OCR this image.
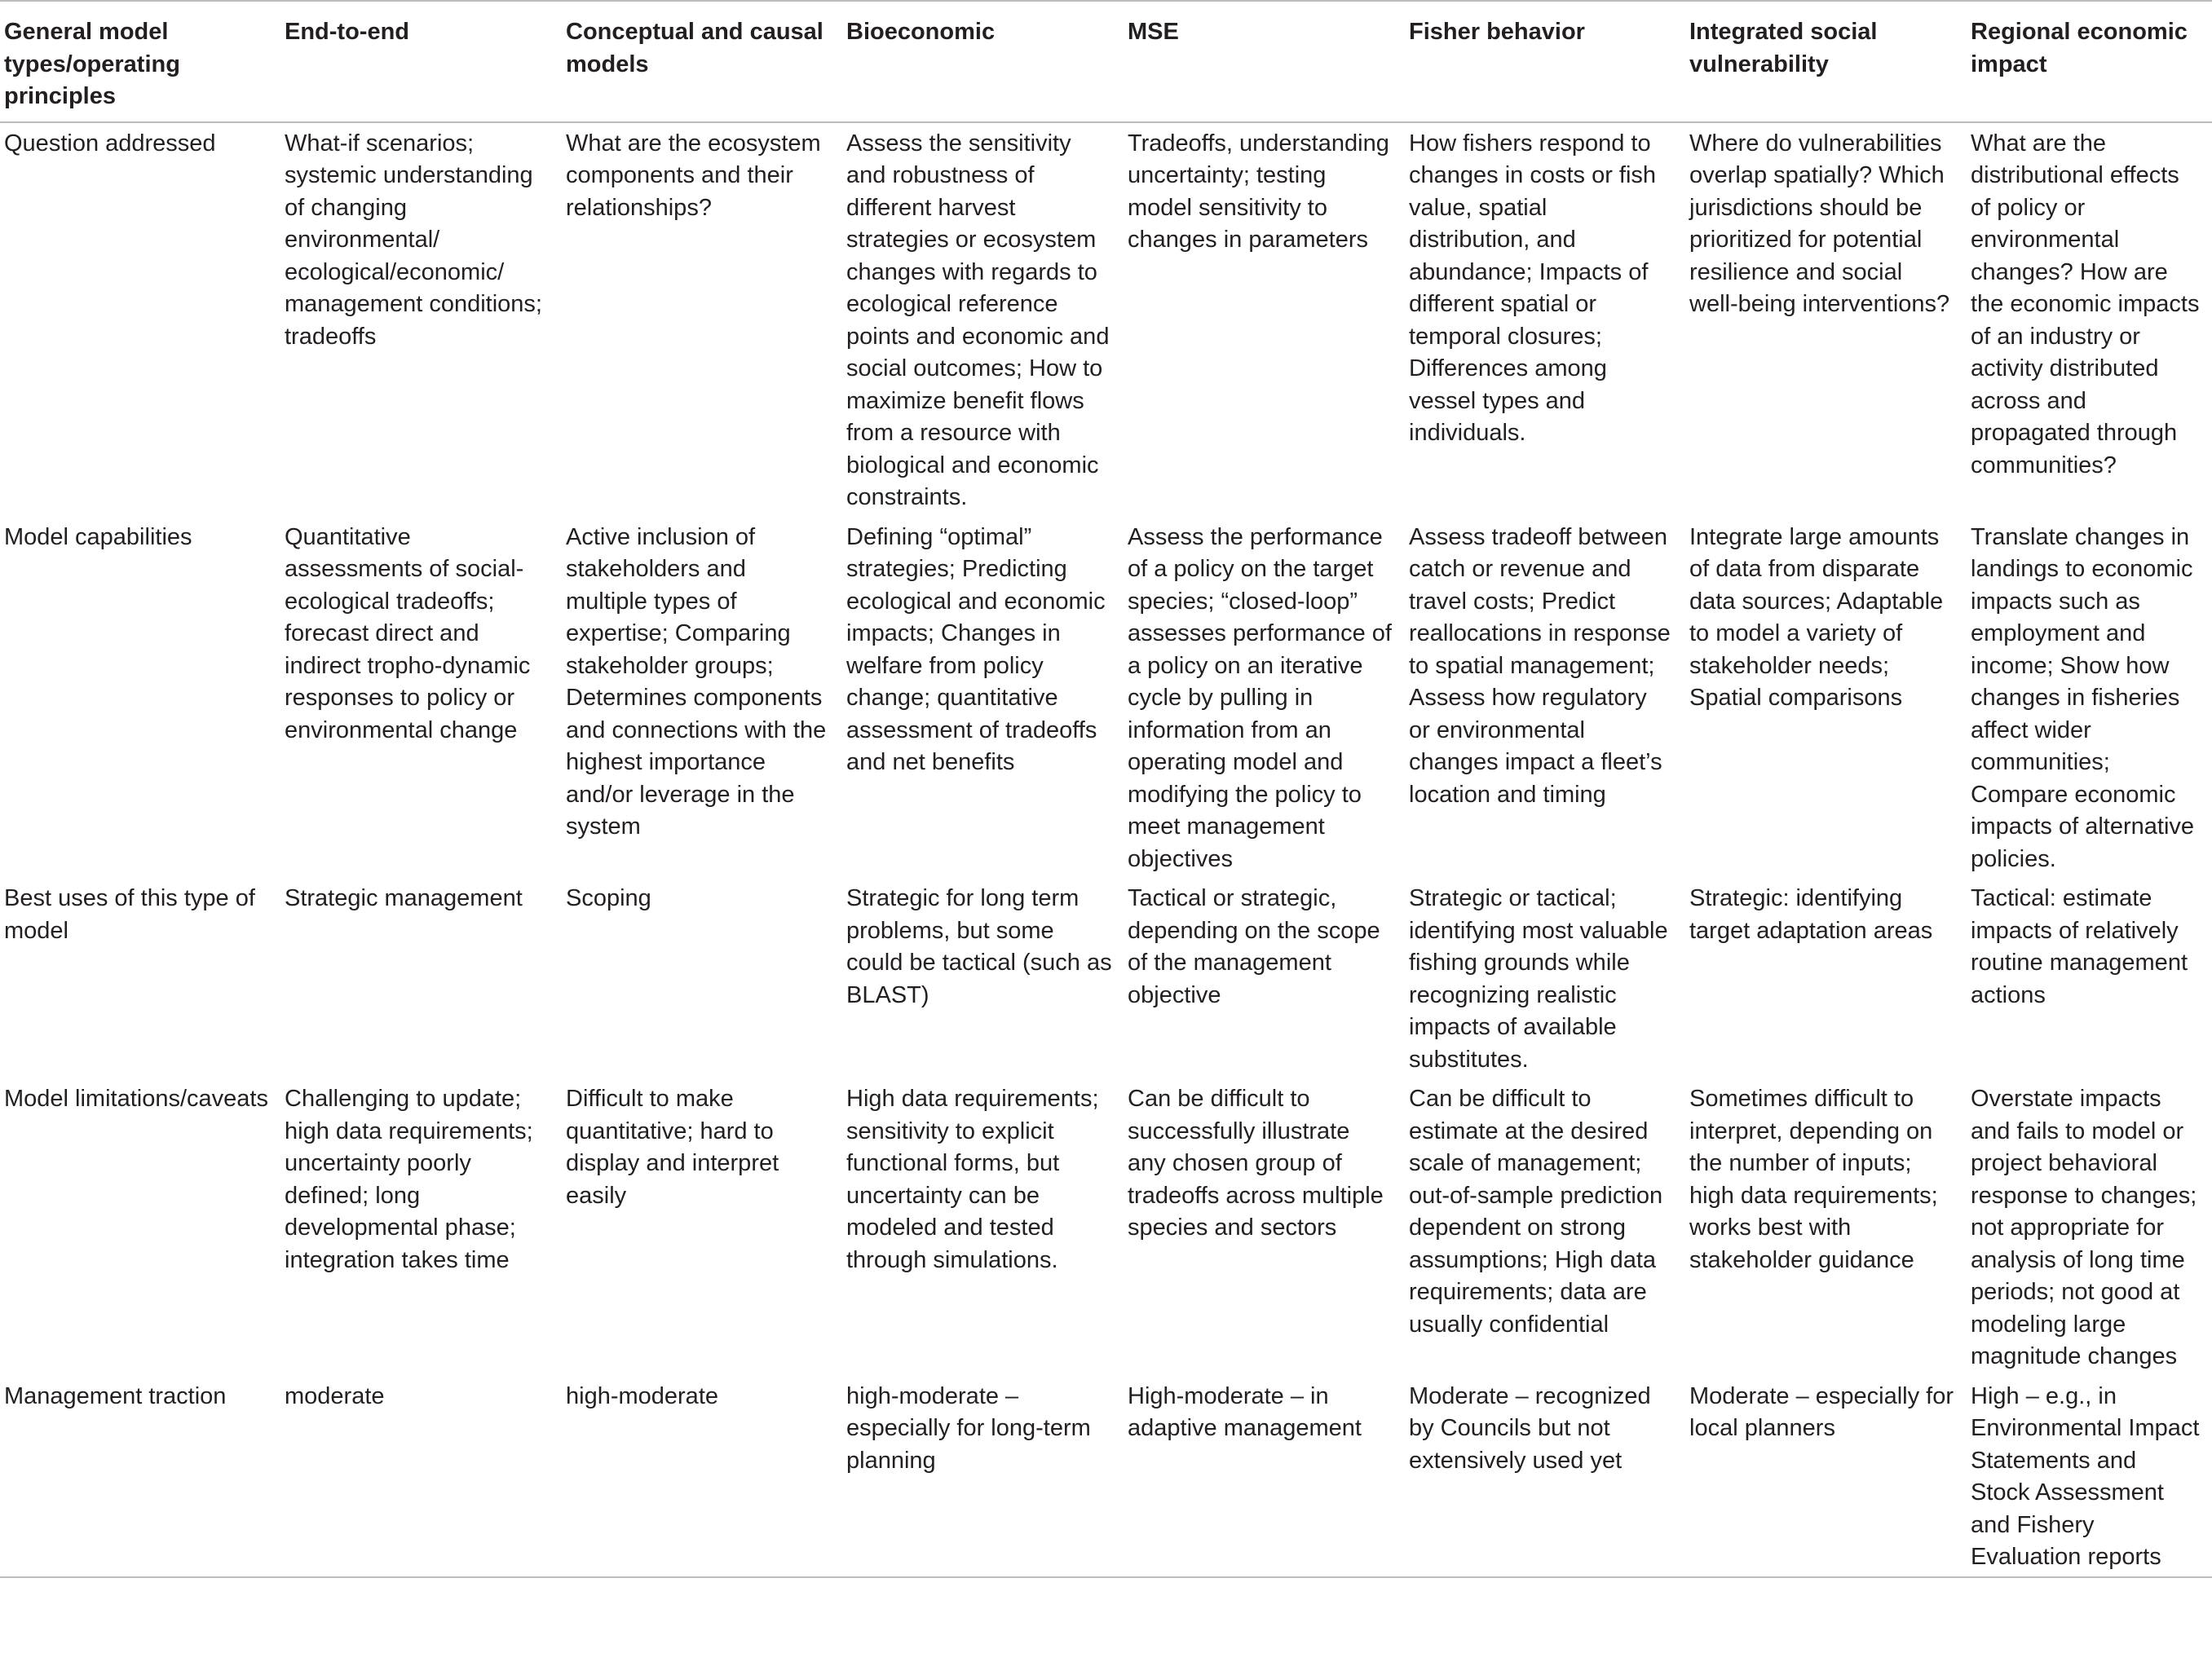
General model types/operating principles	End-to-end	Conceptual and causal models	Bioeconomic	MSE	Fisher behavior	Integrated social vulnerability	Regional economic impact
Question addressed	What-if scenarios; systemic understanding of changing environmental/ ecological/economic/ management conditions; tradeoffs	What are the ecosystem components and their relationships?	Assess the sensitivity and robustness of different harvest strategies or ecosystem changes with regards to ecological reference points and economic and social outcomes; How to maximize benefit flows from a resource with biological and economic constraints.	Tradeoffs, understanding uncertainty; testing model sensitivity to changes in parameters	How fishers respond to changes in costs or fish value, spatial distribution, and abundance; Impacts of different spatial or temporal closures; Differences among vessel types and individuals.	Where do vulnerabilities overlap spatially? Which jurisdictions should be prioritized for potential resilience and social well-being interventions?	What are the distributional effects of policy or environmental changes? How are the economic impacts of an industry or activity distributed across and propagated through communities?
Model capabilities	Quantitative assessments of social-ecological tradeoffs; forecast direct and indirect tropho-dynamic responses to policy or environmental change	Active inclusion of stakeholders and multiple types of expertise; Comparing stakeholder groups; Determines components and connections with the highest importance and/or leverage in the system	Defining “optimal” strategies; Predicting ecological and economic impacts; Changes in welfare from policy change; quantitative assessment of tradeoffs and net benefits	Assess the performance of a policy on the target species; “closed-loop” assesses performance of a policy on an iterative cycle by pulling in information from an operating model and modifying the policy to meet management objectives	Assess tradeoff between catch or revenue and travel costs; Predict reallocations in response to spatial management; Assess how regulatory or environmental changes impact a fleet’s location and timing	Integrate large amounts of data from disparate data sources; Adaptable to model a variety of stakeholder needs; Spatial comparisons	Translate changes in landings to economic impacts such as employment and income; Show how changes in fisheries affect wider communities; Compare economic impacts of alternative policies.
Best uses of this type of model	Strategic management	Scoping	Strategic for long term problems, but some could be tactical (such as BLAST)	Tactical or strategic, depending on the scope of the management objective	Strategic or tactical; identifying most valuable fishing grounds while recognizing realistic impacts of available substitutes.	Strategic: identifying target adaptation areas	Tactical: estimate impacts of relatively routine management actions
Model limitations/caveats	Challenging to update; high data requirements; uncertainty poorly defined; long developmental phase; integration takes time	Difficult to make quantitative; hard to display and interpret easily	High data requirements; sensitivity to explicit functional forms, but uncertainty can be modeled and tested through simulations.	Can be difficult to successfully illustrate any chosen group of tradeoffs across multiple species and sectors	Can be difficult to estimate at the desired scale of management; out-of-sample prediction dependent on strong assumptions; High data requirements; data are usually confidential	Sometimes difficult to interpret, depending on the number of inputs; high data requirements; works best with stakeholder guidance	Overstate impacts and fails to model or project behavioral response to changes; not appropriate for analysis of long time periods; not good at modeling large magnitude changes
Management traction	moderate	high-moderate	high-moderate – especially for long-term planning	High-moderate – in adaptive management	Moderate – recognized by Councils but not extensively used yet	Moderate – especially for local planners	High – e.g., in Environmental Impact Statements and Stock Assessment and Fishery Evaluation reports
